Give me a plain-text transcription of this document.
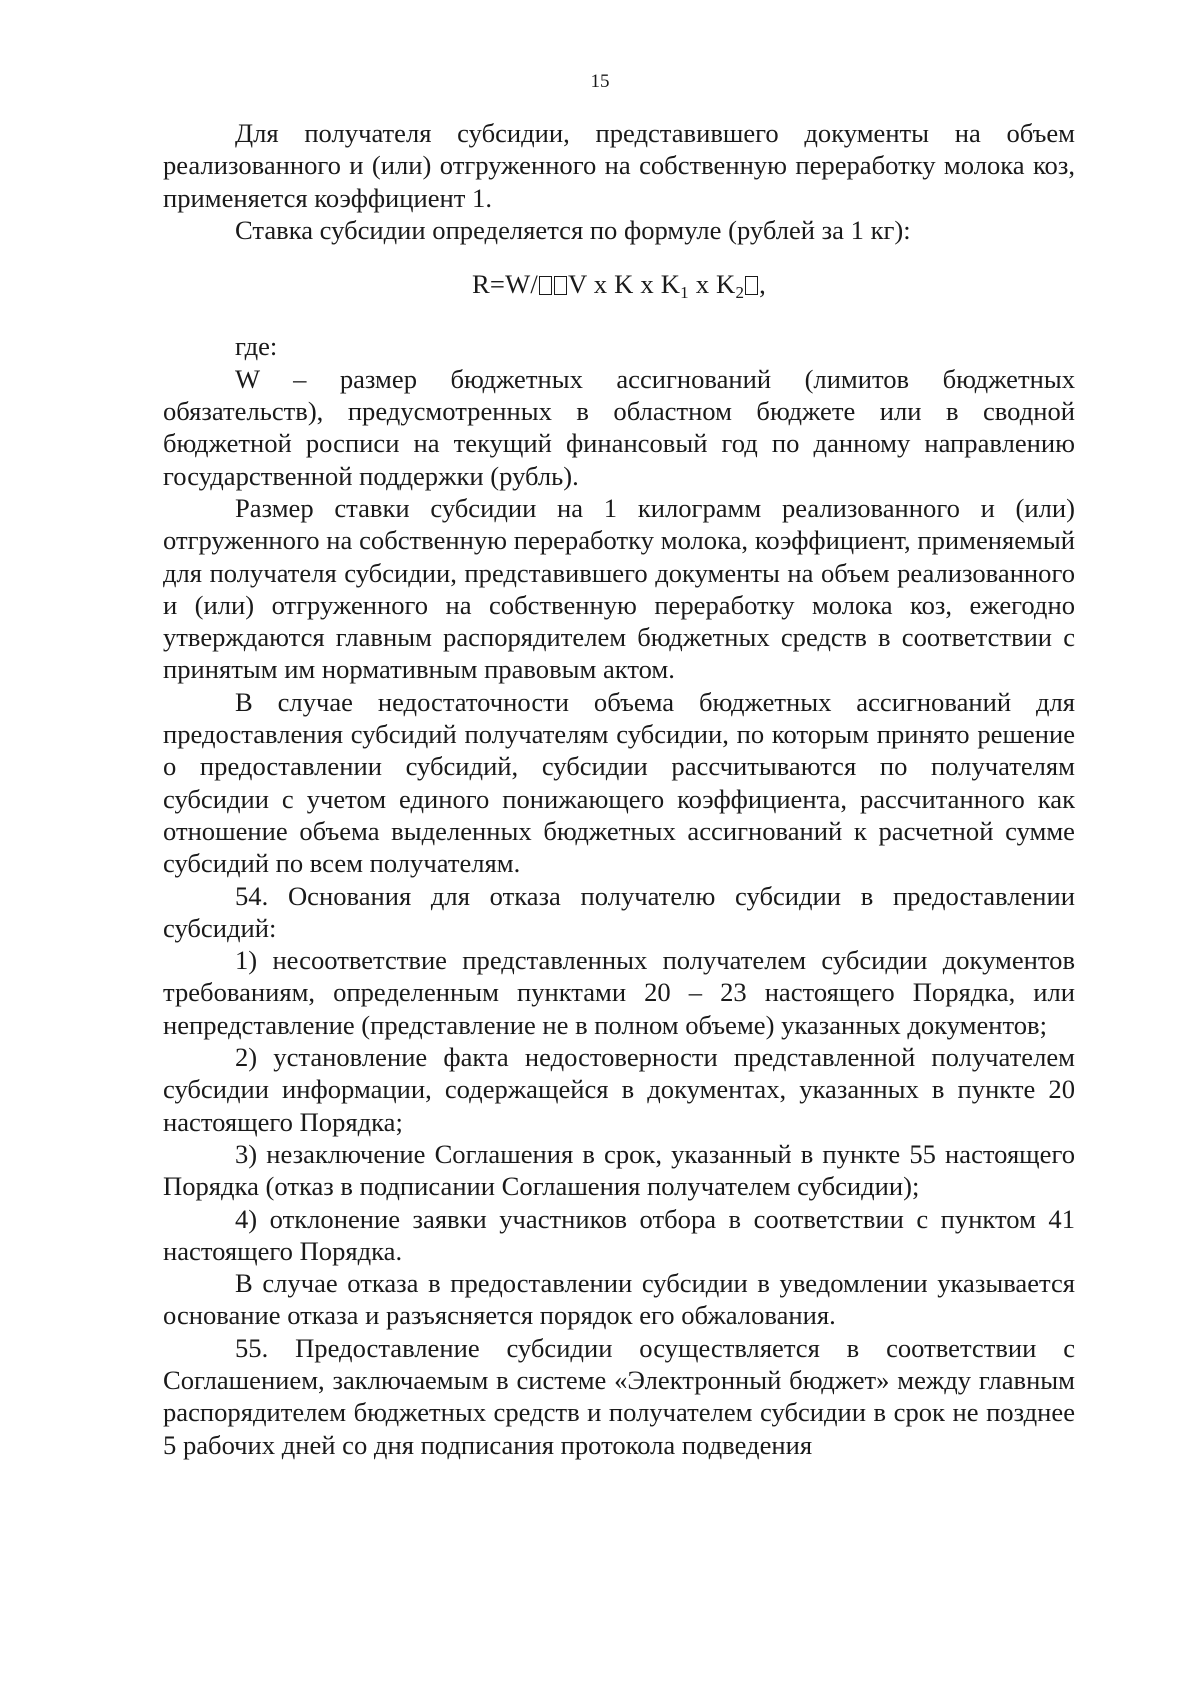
15

Для получателя субсидии, представившего документы на объем реализованного и (или) отгруженного на собственную переработку молока коз, применяется коэффициент 1.

Ставка субсидии определяется по формуле (рублей за 1 кг):

R=W/ V x K x $K_1$ x $K_2$ ,

где:

W – размер бюджетных ассигнований (лимитов бюджетных обязательств), предусмотренных в областном бюджете или в сводной бюджетной росписи на текущий финансовый год по данному направлению государственной поддержки (рубль).

Размер ставки субсидии на 1 килограмм реализованного и (или) отгруженного на собственную переработку молока, коэффициент, применяемый для получателя субсидии, представившего документы на объем реализованного и (или) отгруженного на собственную переработку молока коз, ежегодно утверждаются главным распорядителем бюджетных средств в соответствии с принятым им нормативным правовым актом.

В случае недостаточности объема бюджетных ассигнований для предоставления субсидий получателям субсидии, по которым принято решение о предоставлении субсидий, субсидии рассчитываются по получателям субсидии с учетом единого понижающего коэффициента, рассчитанного как отношение объема выделенных бюджетных ассигнований к расчетной сумме субсидий по всем получателям.

54. Основания для отказа получателю субсидии в предоставлении субсидий:

1) несоответствие представленных получателем субсидии документов требованиям, определенным пунктами 20 – 23 настоящего Порядка, или непредставление (представление не в полном объеме) указанных документов;

2) установление факта недостоверности представленной получателем субсидии информации, содержащейся в документах, указанных в пункте 20 настоящего Порядка;

3) незаключение Соглашения в срок, указанный в пункте 55 настоящего Порядка (отказ в подписании Соглашения получателем субсидии);

4) отклонение заявки участников отбора в соответствии с пунктом 41 настоящего Порядка.

В случае отказа в предоставлении субсидии в уведомлении указывается основание отказа и разъясняется порядок его обжалования.

55. Предоставление субсидии осуществляется в соответствии с Соглашением, заключаемым в системе «Электронный бюджет» между главным распорядителем бюджетных средств и получателем субсидии в срок не позднее 5 рабочих дней со дня подписания протокола подведения
